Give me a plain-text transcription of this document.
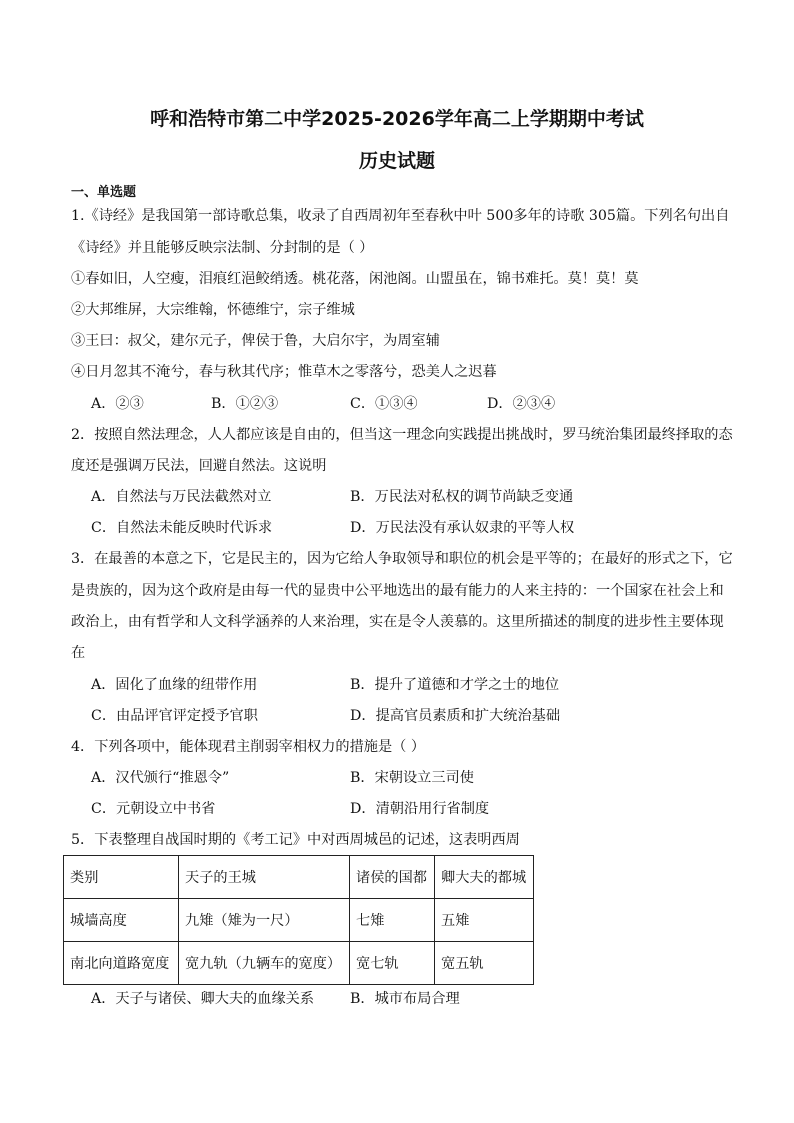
呼和浩特市第二中学2025-2026学年高二上学期期中考试
历史试题
一、单选题
1.《诗经》是我国第一部诗歌总集，收录了自西周初年至春秋中叶 500多年的诗歌 305篇。下列名句出自
《诗经》并且能够反映宗法制、分封制的是（ ）
①春如旧，人空瘦，泪痕红浥鲛绡透。桃花落，闲池阁。山盟虽在，锦书难托。莫！莫！莫
②大邦维屏，大宗维翰，怀德维宁，宗子维城
③王曰：叔父，建尔元子，俾侯于鲁，大启尔宇，为周室辅
④日月忽其不淹兮，春与秋其代序；惟草木之零落兮，恐美人之迟暮
A．②③	B．①②③	C．①③④	D．②③④
2．按照自然法理念，人人都应该是自由的，但当这一理念向实践提出挑战时，罗马统治集团最终择取的态
度还是强调万民法，回避自然法。这说明
A．自然法与万民法截然对立	B．万民法对私权的调节尚缺乏变通
C．自然法未能反映时代诉求	D．万民法没有承认奴隶的平等人权
3．在最善的本意之下，它是民主的，因为它给人争取领导和职位的机会是平等的；在最好的形式之下，它
是贵族的，因为这个政府是由每一代的显贵中公平地选出的最有能力的人来主持的：一个国家在社会上和
政治上，由有哲学和人文科学涵养的人来治理，实在是令人羡慕的。这里所描述的制度的进步性主要体现
在
A．固化了血缘的纽带作用	B．提升了道德和才学之士的地位
C．由品评官评定授予官职	D．提高官员素质和扩大统治基础
4．下列各项中，能体现君主削弱宰相权力的措施是（ ）
A．汉代颁行“推恩令”	B．宋朝设立三司使
C．元朝设立中书省	D．清朝沿用行省制度
5．下表整理自战国时期的《考工记》中对西周城邑的记述，这表明西周
类别	天子的王城	诸侯的国都	卿大夫的都城
城墙高度	九雉（雉为一尺）	七雉	五雉
南北向道路宽度	宽九轨（九辆车的宽度）	宽七轨	宽五轨
A．天子与诸侯、卿大夫的血缘关系	B．城市布局合理
